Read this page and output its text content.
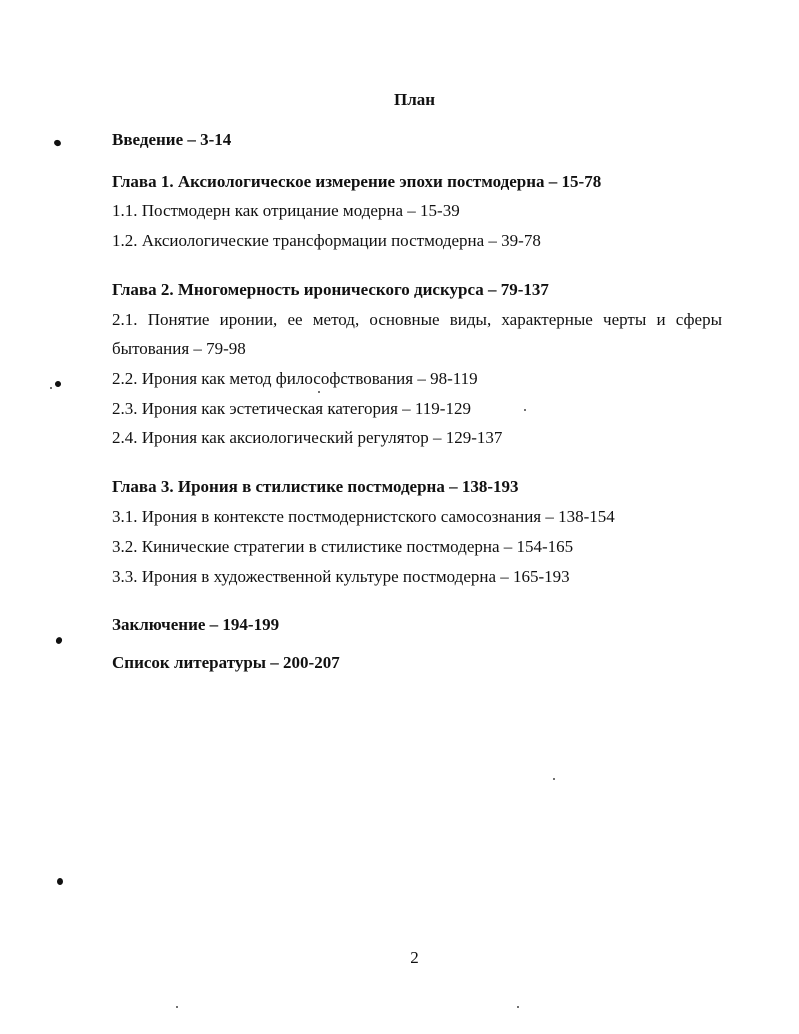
План
Введение – 3-14
Глава 1. Аксиологическое измерение эпохи постмодерна – 15-78
1.1. Постмодерн как отрицание модерна – 15-39
1.2. Аксиологические трансформации постмодерна – 39-78
Глава 2. Многомерность иронического дискурса – 79-137
2.1. Понятие иронии, ее метод, основные виды, характерные черты и сферы
бытования – 79-98
2.2. Ирония как метод философствования – 98-119
2.3. Ирония как эстетическая категория – 119-129
2.4. Ирония как аксиологический регулятор – 129-137
Глава 3. Ирония в стилистике постмодерна – 138-193
3.1. Ирония в контексте постмодернистского самосознания – 138-154
3.2. Кинические стратегии в стилистике постмодерна – 154-165
3.3. Ирония в художественной культуре постмодерна – 165-193
Заключение – 194-199
Список литературы – 200-207
2
